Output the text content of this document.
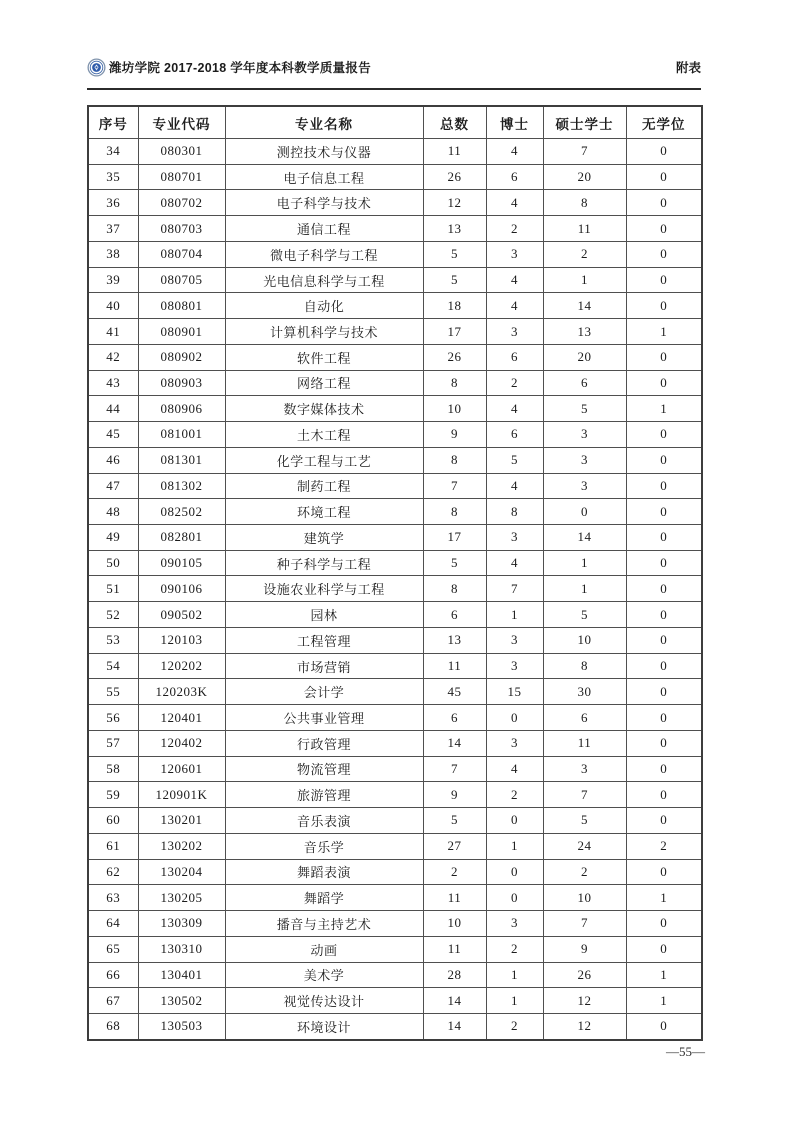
潍坊学院 2017-2018 学年度本科教学质量报告	附表
序号	专业代码	专业名称	总数	博士	硕士学士	无学位
34	080301	测控技术与仪器	11	4	7	0
35	080701	电子信息工程	26	6	20	0
36	080702	电子科学与技术	12	4	8	0
37	080703	通信工程	13	2	11	0
38	080704	微电子科学与工程	5	3	2	0
39	080705	光电信息科学与工程	5	4	1	0
40	080801	自动化	18	4	14	0
41	080901	计算机科学与技术	17	3	13	1
42	080902	软件工程	26	6	20	0
43	080903	网络工程	8	2	6	0
44	080906	数字媒体技术	10	4	5	1
45	081001	土木工程	9	6	3	0
46	081301	化学工程与工艺	8	5	3	0
47	081302	制药工程	7	4	3	0
48	082502	环境工程	8	8	0	0
49	082801	建筑学	17	3	14	0
50	090105	种子科学与工程	5	4	1	0
51	090106	设施农业科学与工程	8	7	1	0
52	090502	园林	6	1	5	0
53	120103	工程管理	13	3	10	0
54	120202	市场营销	11	3	8	0
55	120203K	会计学	45	15	30	0
56	120401	公共事业管理	6	0	6	0
57	120402	行政管理	14	3	11	0
58	120601	物流管理	7	4	3	0
59	120901K	旅游管理	9	2	7	0
60	130201	音乐表演	5	0	5	0
61	130202	音乐学	27	1	24	2
62	130204	舞蹈表演	2	0	2	0
63	130205	舞蹈学	11	0	10	1
64	130309	播音与主持艺术	10	3	7	0
65	130310	动画	11	2	9	0
66	130401	美术学	28	1	26	1
67	130502	视觉传达设计	14	1	12	1
68	130503	环境设计	14	2	12	0
—55—
